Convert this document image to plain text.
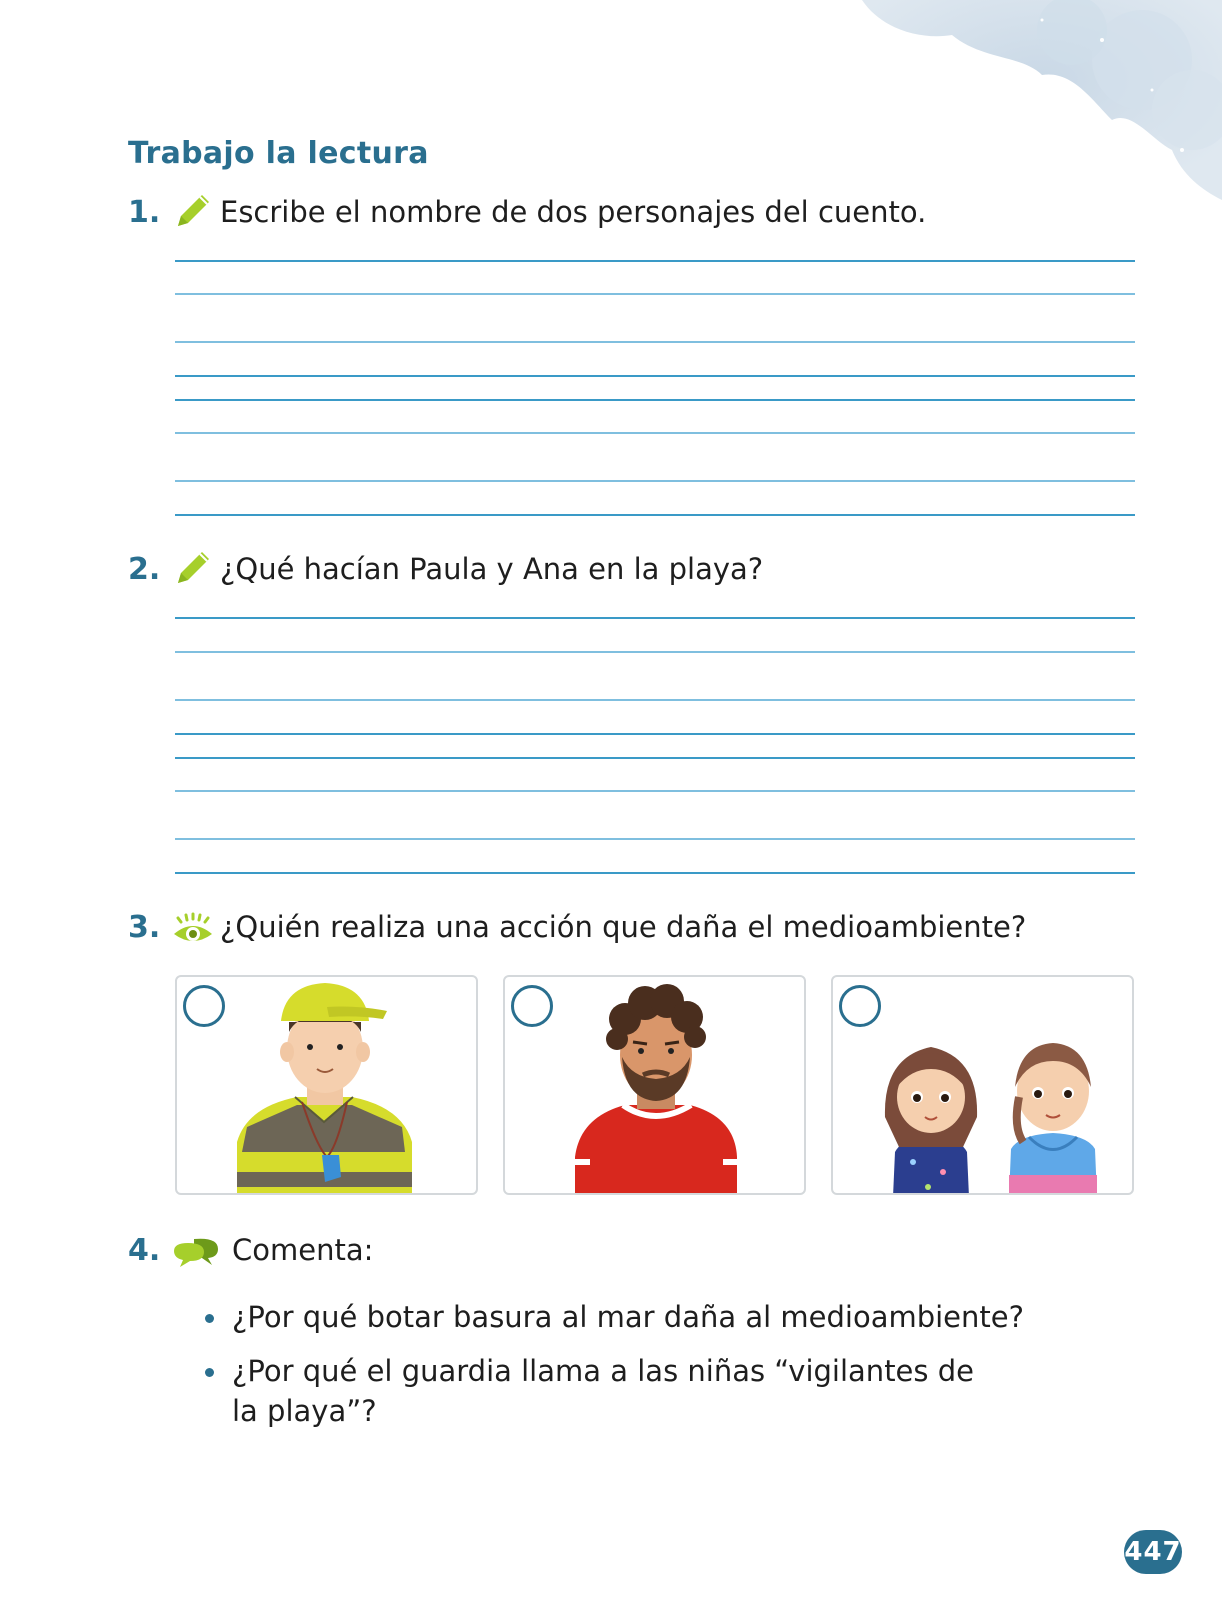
Trabajo la lectura
1. Escribe el nombre de dos personajes del cuento.
2. ¿Qué hacían Paula y Ana en la playa?
3. ¿Quién realiza una acción que daña el medioambiente?
4. Comenta:
¿Por qué botar basura al mar daña al medioambiente?
¿Por qué el guardia llama a las niñas “vigilantes de la playa”?
447
